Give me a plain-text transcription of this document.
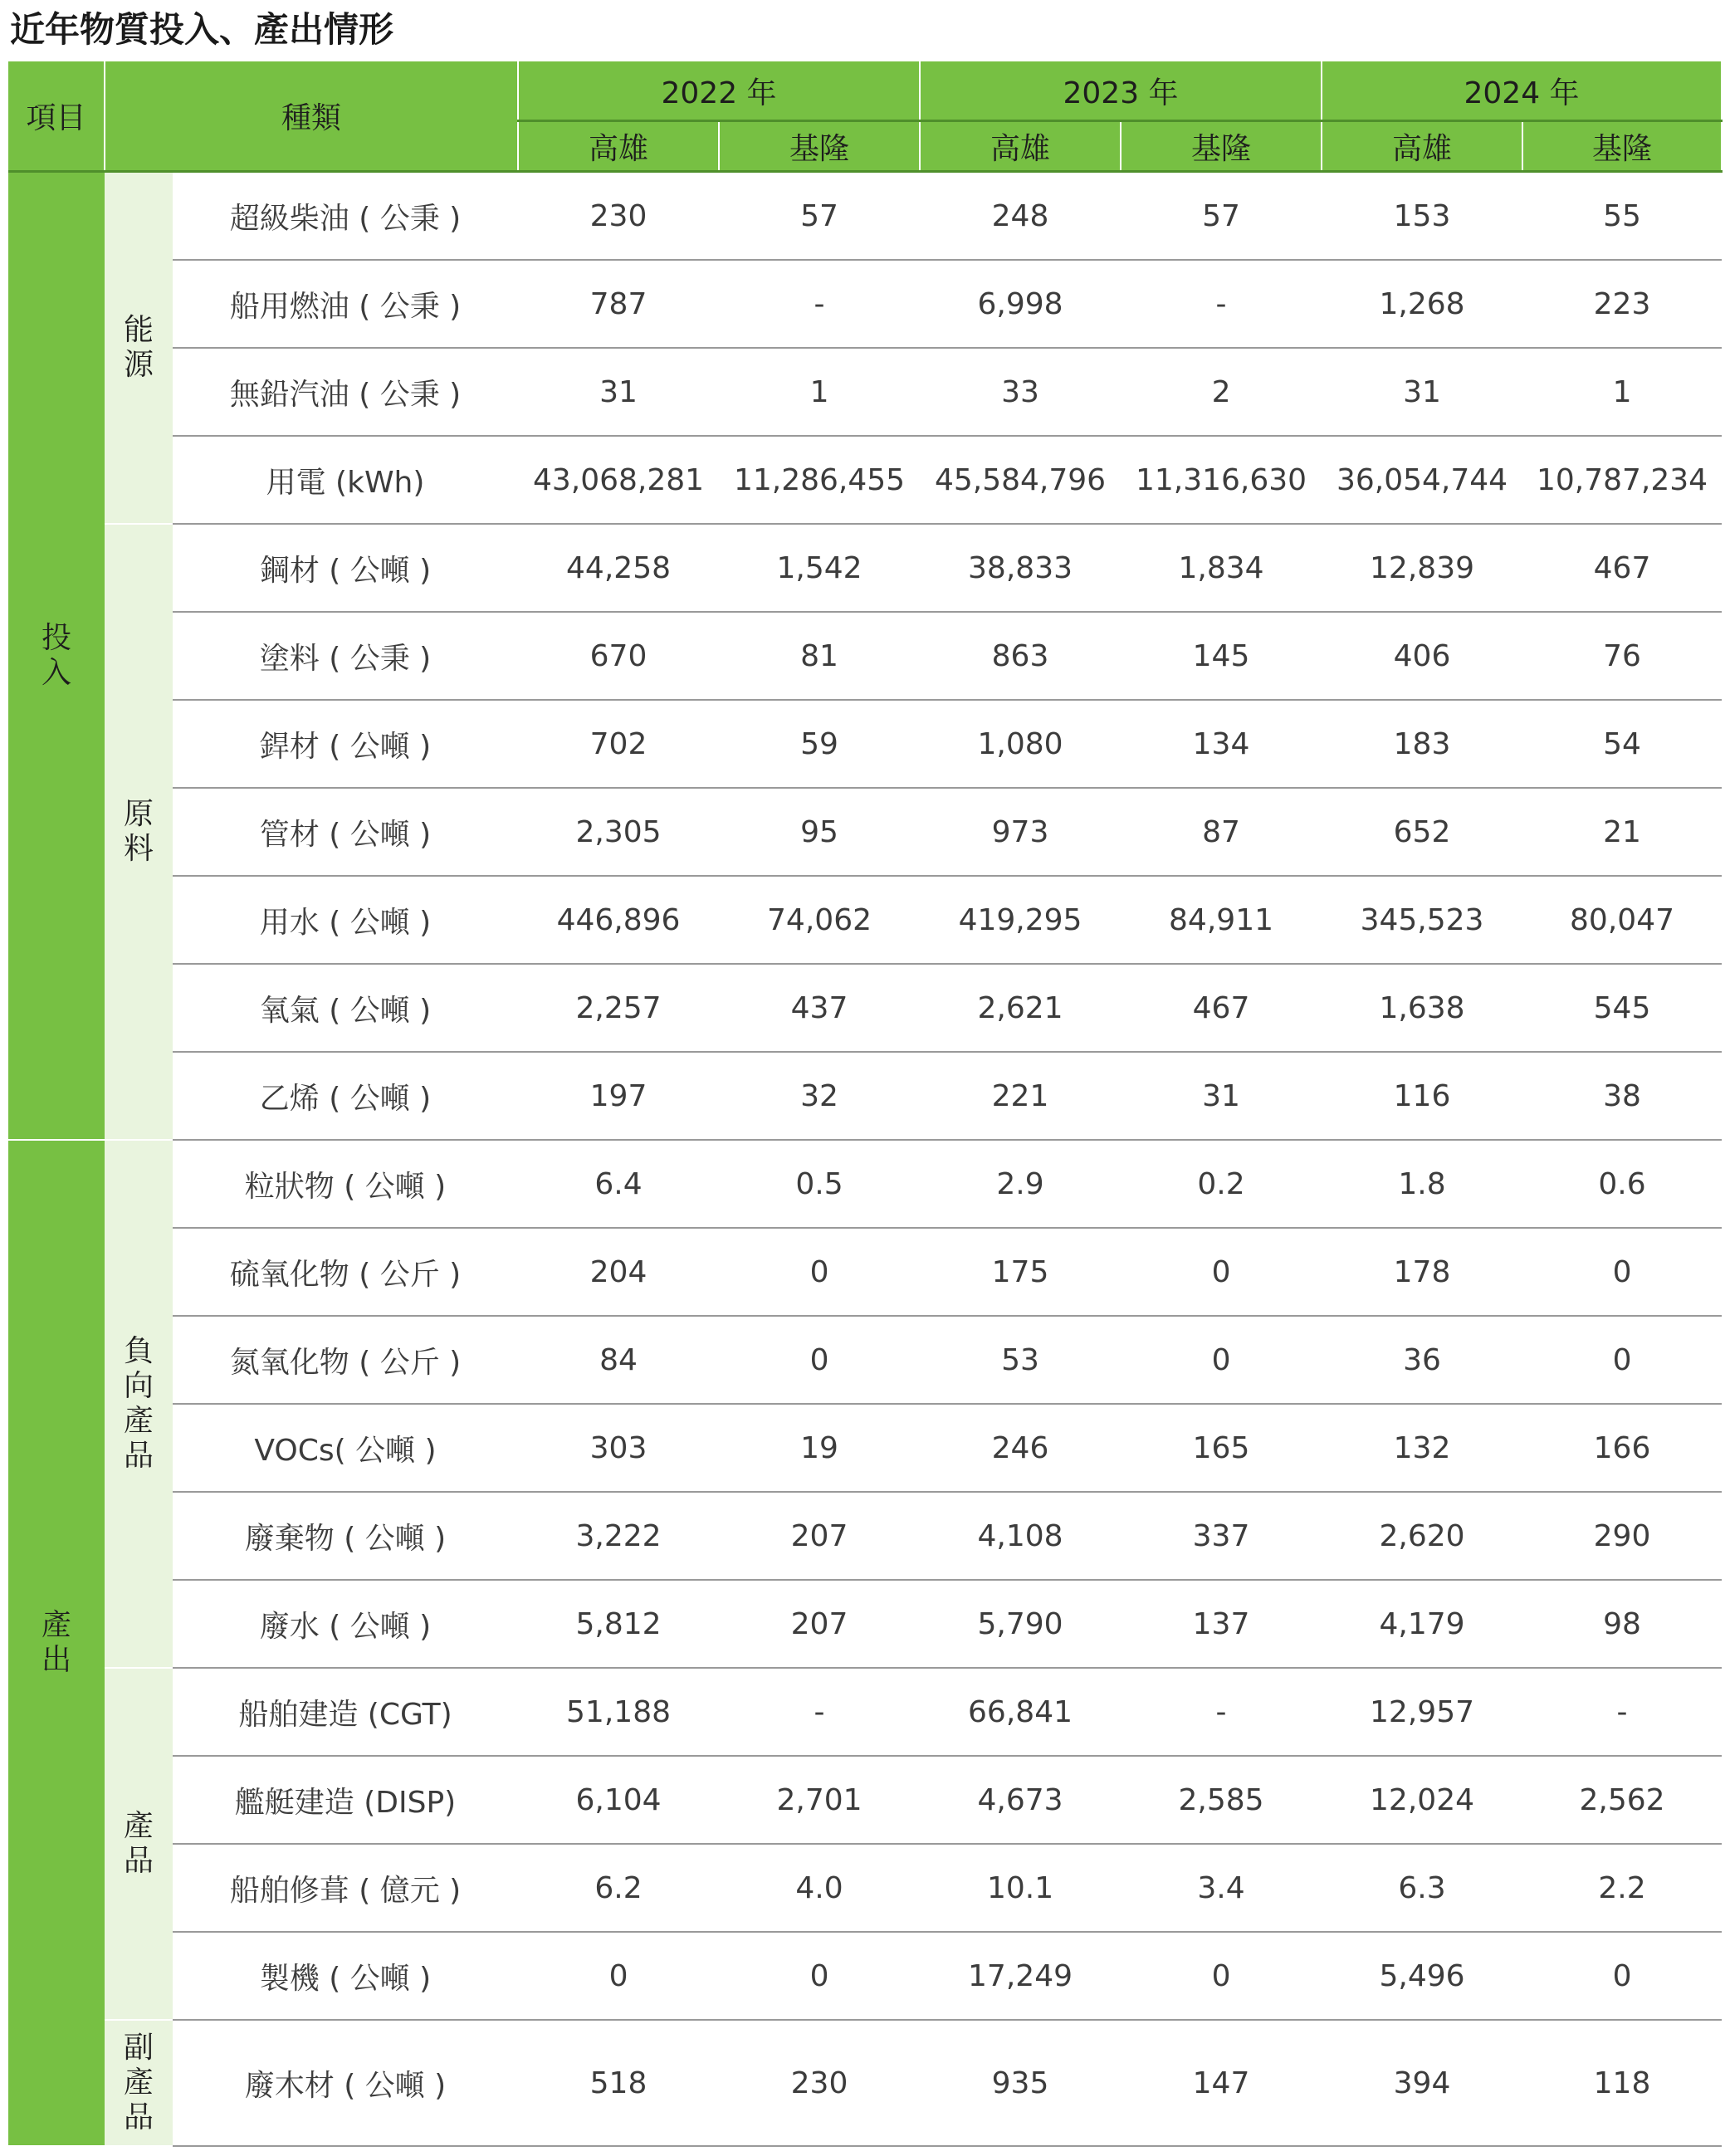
近年物質投入、產出情形
項目	種類		2022 年		2023 年		2024 年	
			高雄	基隆	高雄	基隆	高雄	基隆
投入	能源	超級柴油 ( 公秉 )	230	57	248	57	153	55
		船用燃油 ( 公秉 )	787	-	6,998	-	1,268	223
		無鉛汽油 ( 公秉 )	31	1	33	2	31	1
		用電 (kWh)	43,068,281	11,286,455	45,584,796	11,316,630	36,054,744	10,787,234
	原料	鋼材 ( 公噸 )	44,258	1,542	38,833	1,834	12,839	467
		塗料 ( 公秉 )	670	81	863	145	406	76
		銲材 ( 公噸 )	702	59	1,080	134	183	54
		管材 ( 公噸 )	2,305	95	973	87	652	21
		用水 ( 公噸 )	446,896	74,062	419,295	84,911	345,523	80,047
		氧氣 ( 公噸 )	2,257	437	2,621	467	1,638	545
		乙烯 ( 公噸 )	197	32	221	31	116	38
產出	負向產品	粒狀物 ( 公噸 )	6.4	0.5	2.9	0.2	1.8	0.6
		硫氧化物 ( 公斤 )	204	0	175	0	178	0
		氮氧化物 ( 公斤 )	84	0	53	0	36	0
		VOCs( 公噸 )	303	19	246	165	132	166
		廢棄物 ( 公噸 )	3,222	207	4,108	337	2,620	290
		廢水 ( 公噸 )	5,812	207	5,790	137	4,179	98
	產品	船舶建造 (CGT)	51,188	-	66,841	-	12,957	-
		艦艇建造 (DISP)	6,104	2,701	4,673	2,585	12,024	2,562
		船舶修葺 ( 億元 )	6.2	4.0	10.1	3.4	6.3	2.2
		製機 ( 公噸 )	0	0	17,249	0	5,496	0
	副產品	廢木材 ( 公噸 )	518	230	935	147	394	118
